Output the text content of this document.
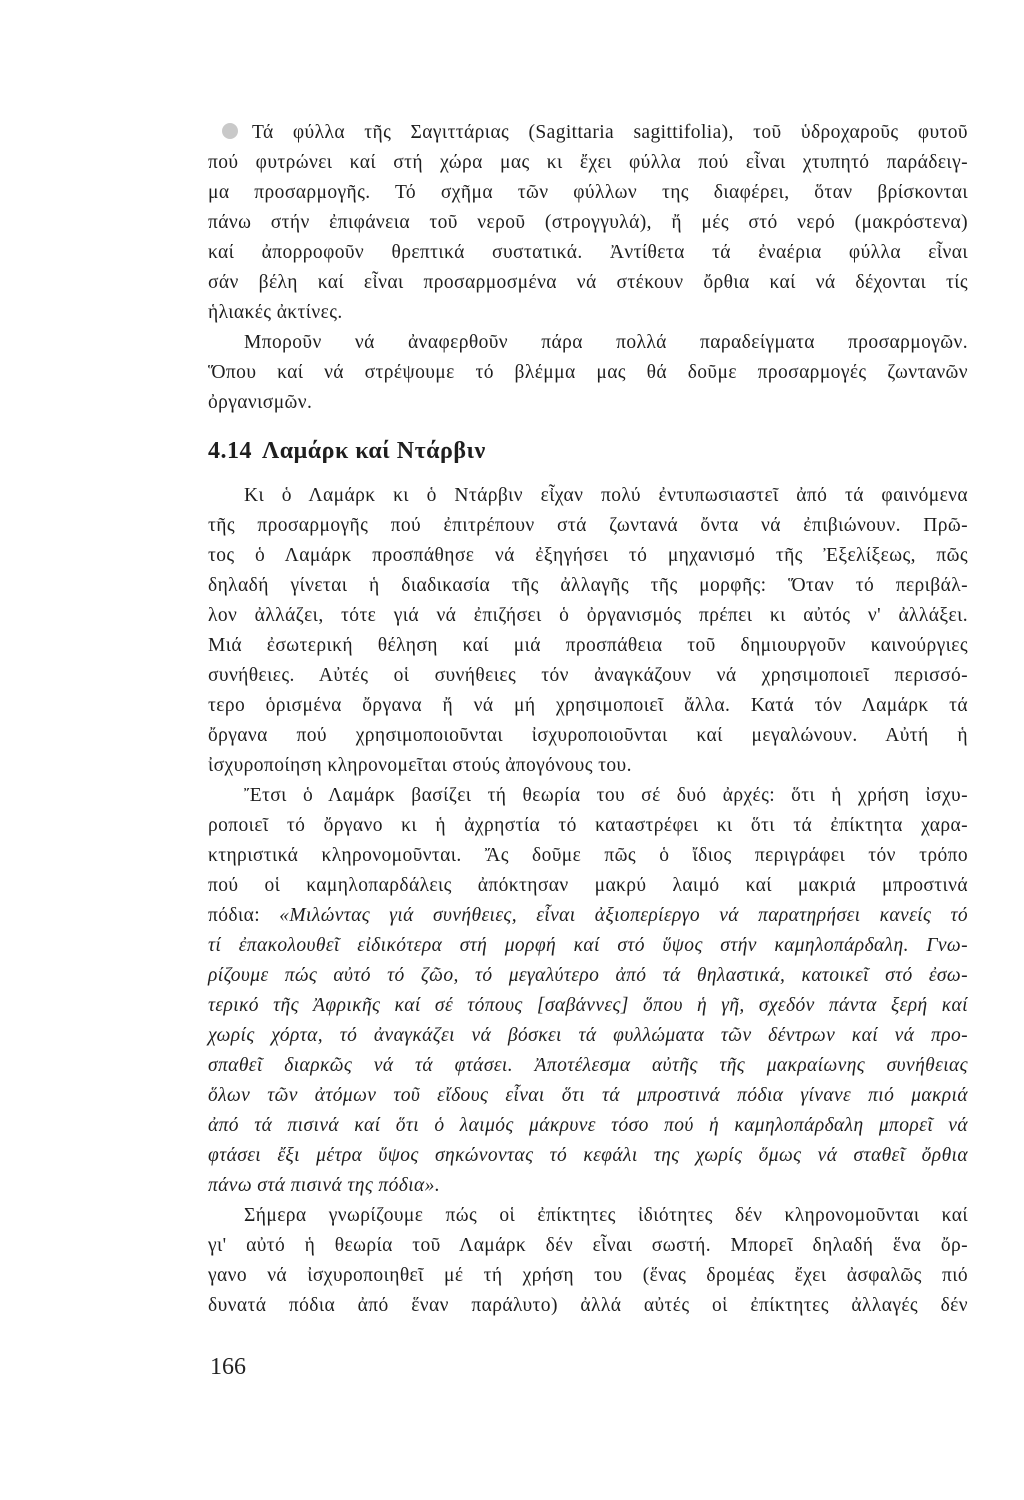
Τά φύλλα τῆς Σαγιττάριας (Sagittaria sagittifolia), τοῦ ὑδροχαροῦς φυτοῦ
πού φυτρώνει καί στή χώρα μας κι ἔχει φύλλα πού εἶναι χτυπητό παράδειγ-
μα προσαρμογῆς. Τό σχῆμα τῶν φύλλων της διαφέρει, ὅταν βρίσκονται
πάνω στήν ἐπιφάνεια τοῦ νεροῦ (στρογγυλά), ἤ μές στό νερό (μακρόστενα)
καί ἀπορροφοῦν θρεπτικά συστατικά. Ἀντίθετα τά ἐναέρια φύλλα εἶναι
σάν βέλη καί εἶναι προσαρμοσμένα νά στέκουν ὄρθια καί νά δέχονται τίς
ἡλιακές ἀκτίνες.

Μποροῦν νά ἀναφερθοῦν πάρα πολλά παραδείγματα προσαρμογῶν.
Ὅπου καί νά στρέψουμε τό βλέμμα μας θά δοῦμε προσαρμογές ζωντανῶν
ὀργανισμῶν.

4.14 Λαμάρκ καί Ντάρβιν

Κι ὁ Λαμάρκ κι ὁ Ντάρβιν εἶχαν πολύ ἐντυπωσιαστεῖ ἀπό τά φαινόμενα
τῆς προσαρμογῆς πού ἐπιτρέπουν στά ζωντανά ὄντα νά ἐπιβιώνουν. Πρῶ-
τος ὁ Λαμάρκ προσπάθησε νά ἐξηγήσει τό μηχανισμό τῆς Ἐξελίξεως, πῶς
δηλαδή γίνεται ἡ διαδικασία τῆς ἀλλαγῆς τῆς μορφῆς: Ὅταν τό περιβάλ-
λον ἀλλάζει, τότε γιά νά ἐπιζήσει ὁ ὀργανισμός πρέπει κι αὐτός ν' ἀλλάξει.
Μιά ἐσωτερική θέληση καί μιά προσπάθεια τοῦ δημιουργοῦν καινούργιες
συνήθειες. Αὐτές οἱ συνήθειες τόν ἀναγκάζουν νά χρησιμοποιεῖ περισσό-
τερο ὁρισμένα ὄργανα ἤ νά μή χρησιμοποιεῖ ἄλλα. Κατά τόν Λαμάρκ τά
ὄργανα πού χρησιμοποιοῦνται ἰσχυροποιοῦνται καί μεγαλώνουν. Αὐτή ἡ
ἰσχυροποίηση κληρονομεῖται στούς ἀπογόνους του.

Ἔτσι ὁ Λαμάρκ βασίζει τή θεωρία του σέ δυό ἀρχές: ὅτι ἡ χρήση ἰσχυ-
ροποιεῖ τό ὄργανο κι ἡ ἀχρηστία τό καταστρέφει κι ὅτι τά ἐπίκτητα χαρα-
κτηριστικά κληρονομοῦνται. Ἄς δοῦμε πῶς ὁ ἴδιος περιγράφει τόν τρόπο
πού οἱ καμηλοπαρδάλεις ἀπόκτησαν μακρύ λαιμό καί μακριά μπροστινά
πόδια: «Μιλώντας γιά συνήθειες, εἶναι ἀξιοπερίεργο νά παρατηρήσει κανείς τό
τί ἐπακολουθεῖ εἰδικότερα στή μορφή καί στό ὕψος στήν καμηλοπάρδαλη. Γνω-
ρίζουμε πώς αὐτό τό ζῶο, τό μεγαλύτερο ἀπό τά θηλαστικά, κατοικεῖ στό ἐσω-
τερικό τῆς Ἀφρικῆς καί σέ τόπους [σαβάννες] ὅπου ἡ γῆ, σχεδόν πάντα ξερή καί
χωρίς χόρτα, τό ἀναγκάζει νά βόσκει τά φυλλώματα τῶν δέντρων καί νά προ-
σπαθεῖ διαρκῶς νά τά φτάσει. Ἀποτέλεσμα αὐτῆς τῆς μακραίωνης συνήθειας
ὅλων τῶν ἀτόμων τοῦ εἴδους εἶναι ὅτι τά μπροστινά πόδια γίνανε πιό μακριά
ἀπό τά πισινά καί ὅτι ὁ λαιμός μάκρυνε τόσο πού ἡ καμηλοπάρδαλη μπορεῖ νά
φτάσει ἔξι μέτρα ὕψος σηκώνοντας τό κεφάλι της χωρίς ὅμως νά σταθεῖ ὄρθια
πάνω στά πισινά της πόδια».

Σήμερα γνωρίζουμε πώς οἱ ἐπίκτητες ἰδιότητες δέν κληρονομοῦνται καί
γι' αὐτό ἡ θεωρία τοῦ Λαμάρκ δέν εἶναι σωστή. Μπορεῖ δηλαδή ἕνα ὄρ-
γανο νά ἰσχυροποιηθεῖ μέ τή χρήση του (ἕνας δρομέας ἔχει ἀσφαλῶς πιό
δυνατά πόδια ἀπό ἕναν παράλυτο) ἀλλά αὐτές οἱ ἐπίκτητες ἀλλαγές δέν

166
